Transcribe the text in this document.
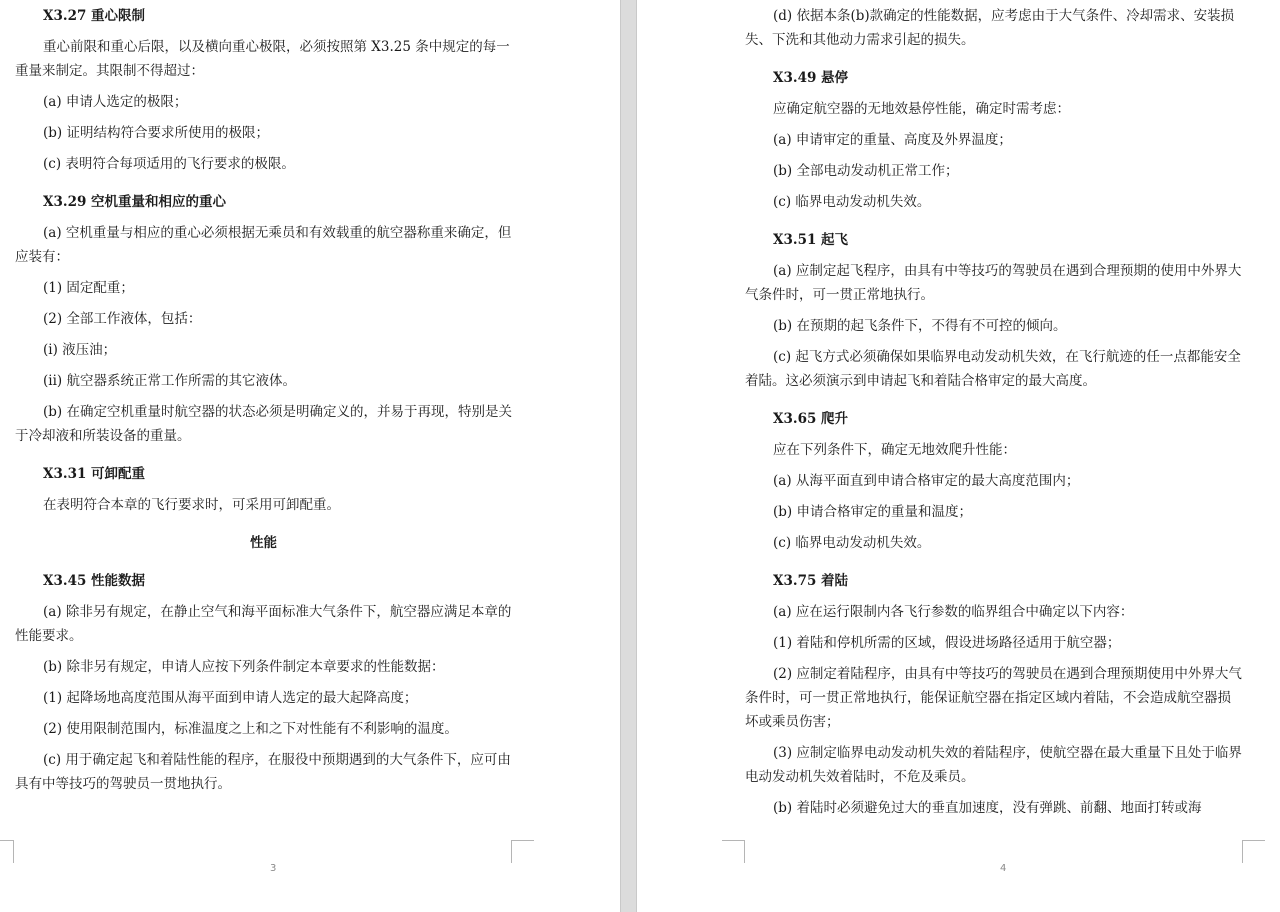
X3.27 重心限制

重心前限和重心后限，以及横向重心极限，必须按照第 X3.25 条中规定的每一重量来制定。其限制不得超过：

(a) 申请人选定的极限；

(b) 证明结构符合要求所使用的极限；

(c) 表明符合每项适用的飞行要求的极限。

X3.29 空机重量和相应的重心

(a) 空机重量与相应的重心必须根据无乘员和有效载重的航空器称重来确定，但应装有：

(1) 固定配重；

(2) 全部工作液体，包括：

(i) 液压油；

(ii) 航空器系统正常工作所需的其它液体。

(b) 在确定空机重量时航空器的状态必须是明确定义的，并易于再现，特别是关于冷却液和所装设备的重量。

X3.31 可卸配重

在表明符合本章的飞行要求时，可采用可卸配重。

性能

X3.45 性能数据

(a) 除非另有规定，在静止空气和海平面标准大气条件下，航空器应满足本章的性能要求。

(b) 除非另有规定，申请人应按下列条件制定本章要求的性能数据：

(1) 起降场地高度范围从海平面到申请人选定的最大起降高度；

(2) 使用限制范围内，标准温度之上和之下对性能有不利影响的温度。

(c) 用于确定起飞和着陆性能的程序，在服役中预期遇到的大气条件下，应可由具有中等技巧的驾驶员一贯地执行。

3

(d) 依据本条(b)款确定的性能数据，应考虑由于大气条件、冷却需求、安装损失、下洗和其他动力需求引起的损失。

X3.49 悬停

应确定航空器的无地效悬停性能，确定时需考虑：

(a) 申请审定的重量、高度及外界温度；

(b) 全部电动发动机正常工作；

(c) 临界电动发动机失效。

X3.51 起飞

(a) 应制定起飞程序，由具有中等技巧的驾驶员在遇到合理预期的使用中外界大气条件时，可一贯正常地执行。

(b) 在预期的起飞条件下，不得有不可控的倾向。

(c) 起飞方式必须确保如果临界电动发动机失效，在飞行航迹的任一点都能安全着陆。这必须演示到申请起飞和着陆合格审定的最大高度。

X3.65 爬升

应在下列条件下，确定无地效爬升性能：

(a) 从海平面直到申请合格审定的最大高度范围内；

(b) 申请合格审定的重量和温度；

(c) 临界电动发动机失效。

X3.75 着陆

(a) 应在运行限制内各飞行参数的临界组合中确定以下内容：

(1) 着陆和停机所需的区域，假设进场路径适用于航空器；

(2) 应制定着陆程序，由具有中等技巧的驾驶员在遇到合理预期使用中外界大气条件时，可一贯正常地执行，能保证航空器在指定区域内着陆，不会造成航空器损坏或乘员伤害；

(3) 应制定临界电动发动机失效的着陆程序，使航空器在最大重量下且处于临界电动发动机失效着陆时，不危及乘员。

(b) 着陆时必须避免过大的垂直加速度，没有弹跳、前翻、地面打转或海

4
